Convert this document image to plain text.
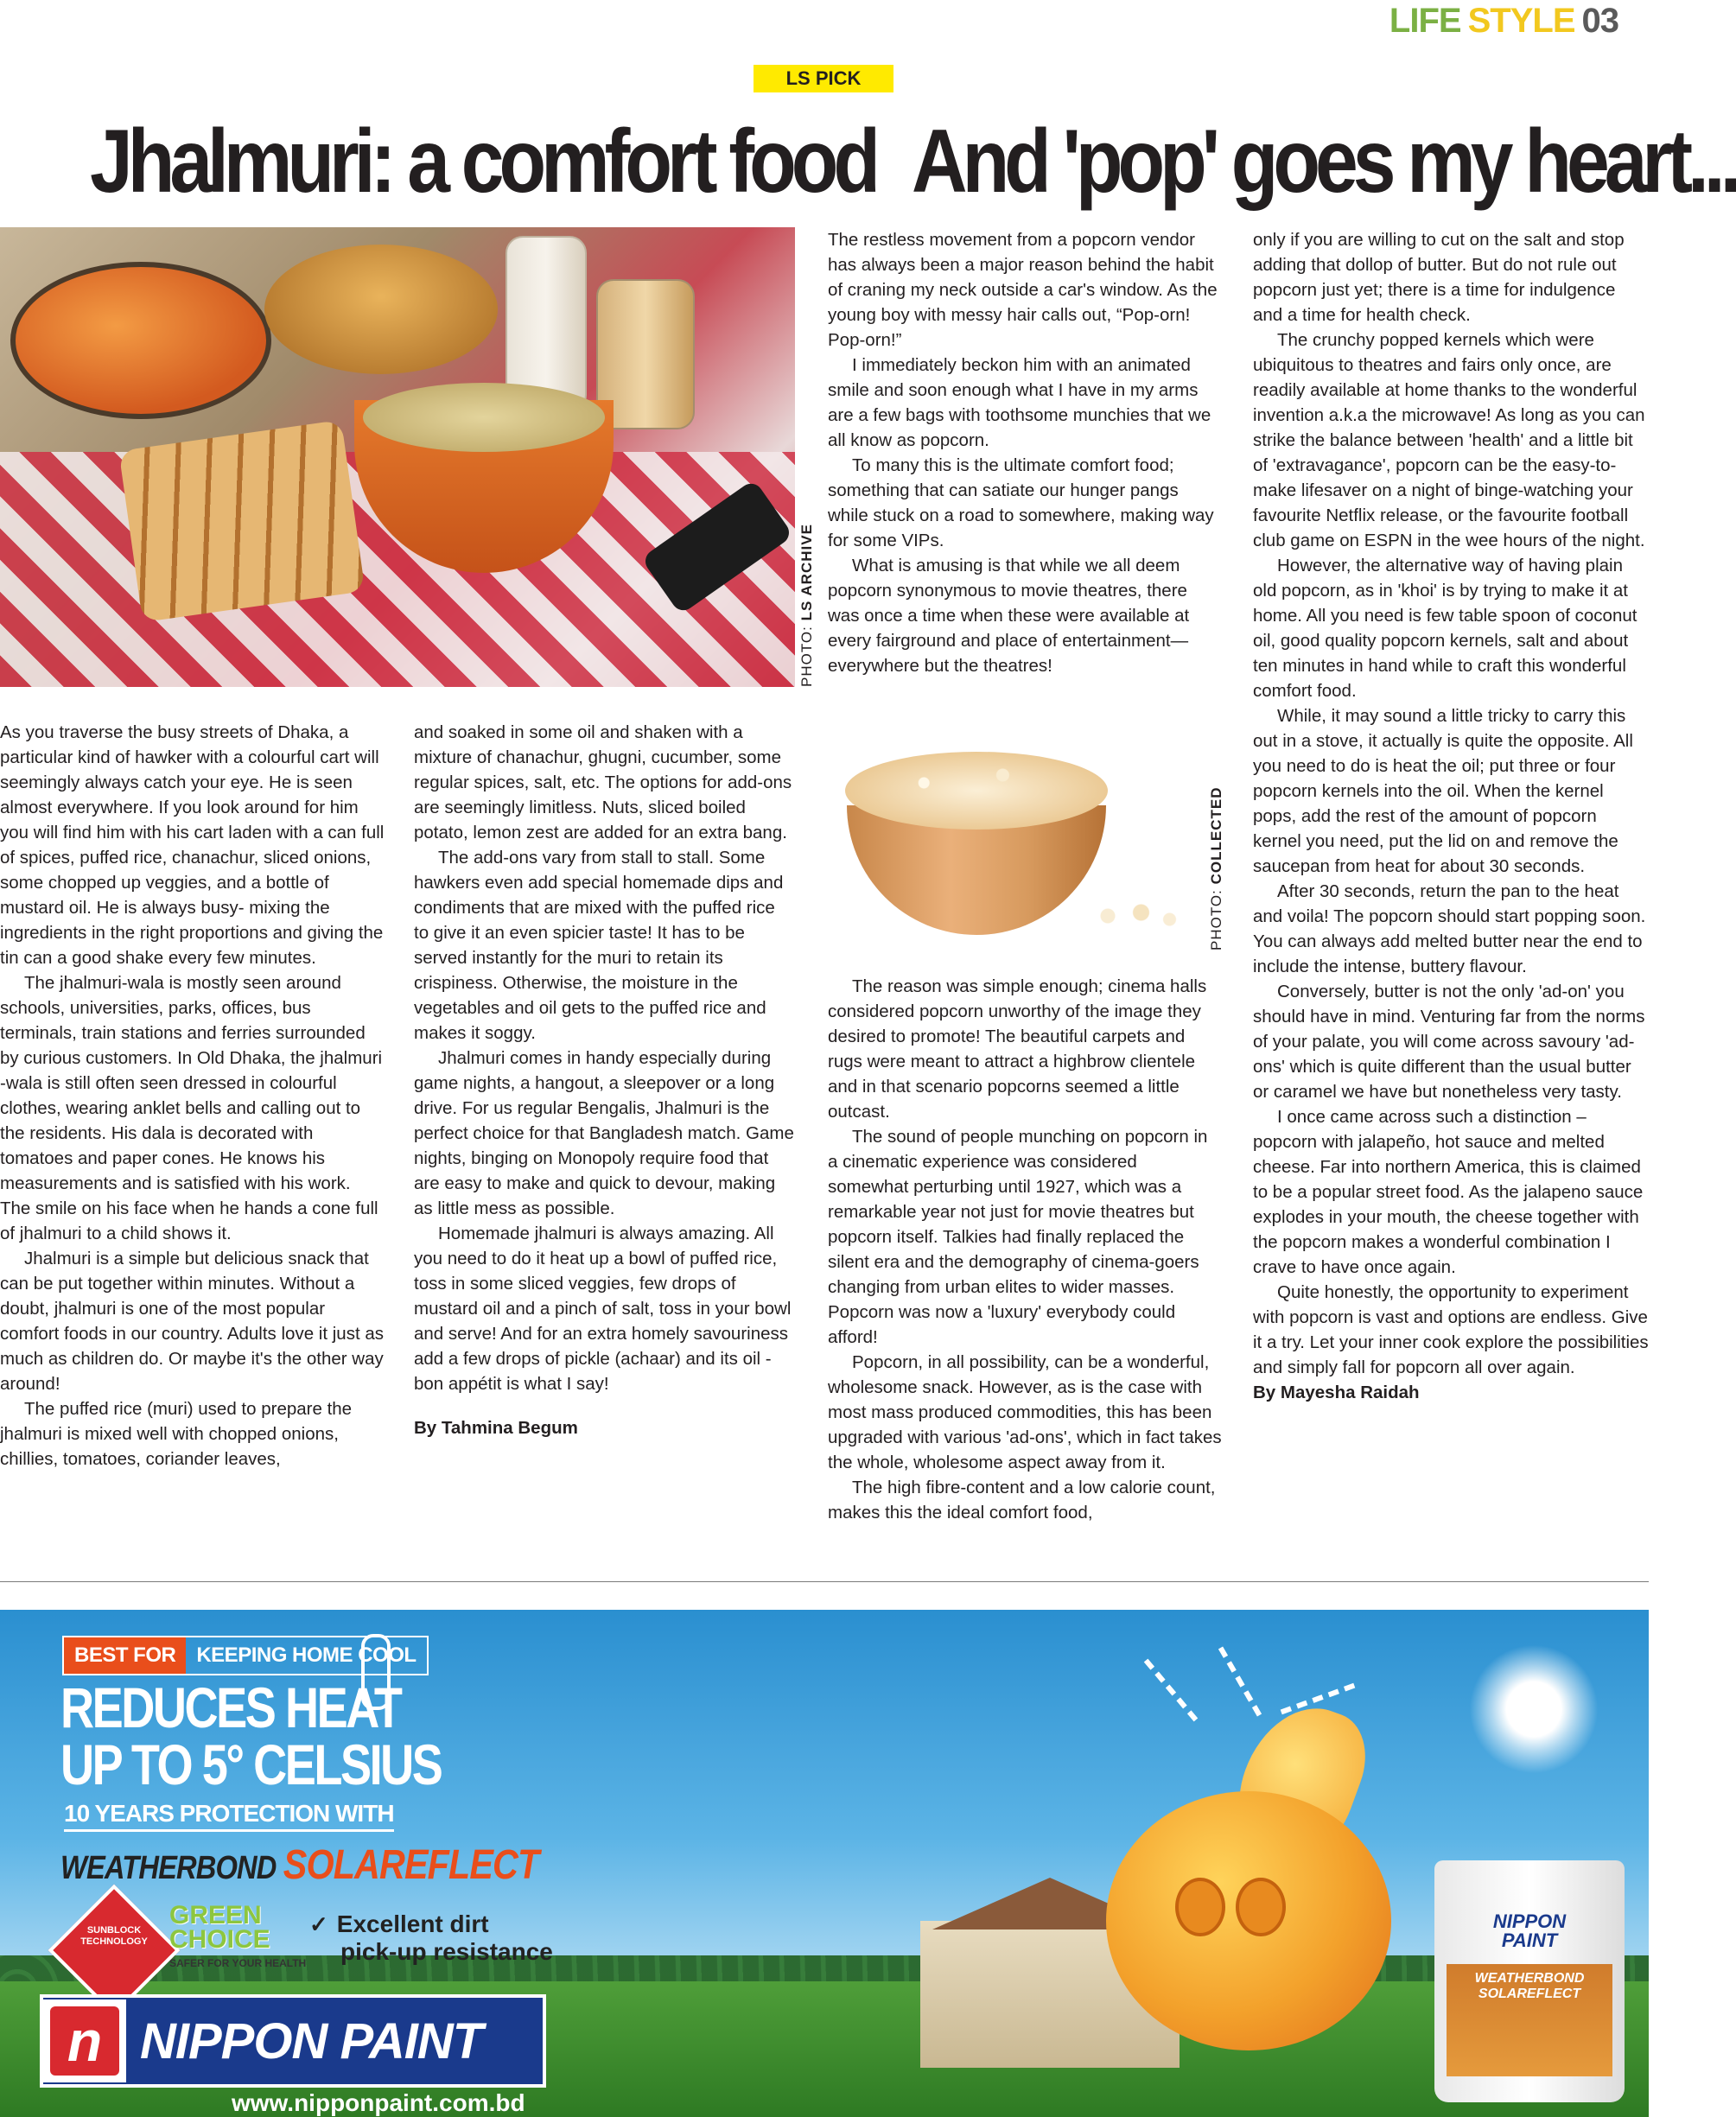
LIFE STYLE 03
LS PICK
Jhalmuri: a comfort food And 'pop' goes my heart...
PHOTO: LS ARCHIVE

As you traverse the busy streets of Dhaka, a particular kind of hawker with a colourful cart will seemingly always catch your eye. He is seen almost everywhere. If you look around for him you will find him with his cart laden with a can full of spices, puffed rice, chanachur, sliced onions, some chopped up veggies, and a bottle of mustard oil. He is always busy- mixing the ingredients in the right proportions and giving the tin can a good shake every few minutes.

The jhalmuri-wala is mostly seen around schools, universities, parks, offices, bus terminals, train stations and ferries surrounded by curious customers. In Old Dhaka, the jhalmuri -wala is still often seen dressed in colourful clothes, wearing anklet bells and calling out to the residents. His dala is decorated with tomatoes and paper cones. He knows his measurements and is satisfied with his work. The smile on his face when he hands a cone full of jhalmuri to a child shows it.

Jhalmuri is a simple but delicious snack that can be put together within minutes. Without a doubt, jhalmuri is one of the most popular comfort foods in our country. Adults love it just as much as children do. Or maybe it's the other way around!

The puffed rice (muri) used to prepare the jhalmuri is mixed well with chopped onions, chillies, tomatoes, coriander leaves,

and soaked in some oil and shaken with a mixture of chanachur, ghugni, cucumber, some regular spices, salt, etc. The options for add-ons are seemingly limitless. Nuts, sliced boiled potato, lemon zest are added for an extra bang.

The add-ons vary from stall to stall. Some hawkers even add special homemade dips and condiments that are mixed with the puffed rice to give it an even spicier taste! It has to be served instantly for the muri to retain its crispiness. Otherwise, the moisture in the vegetables and oil gets to the puffed rice and makes it soggy.

Jhalmuri comes in handy especially during game nights, a hangout, a sleepover or a long drive. For us regular Bengalis, Jhalmuri is the perfect choice for that Bangladesh match. Game nights, binging on Monopoly require food that are easy to make and quick to devour, making as little mess as possible.

Homemade jhalmuri is always amazing. All you need to do it heat up a bowl of puffed rice, toss in some sliced veggies, few drops of mustard oil and a pinch of salt, toss in your bowl and serve! And for an extra homely savouriness add a few drops of pickle (achaar) and its oil - bon appétit is what I say!

By Tahmina Begum

The restless movement from a popcorn vendor has always been a major reason behind the habit of craning my neck outside a car's window. As the young boy with messy hair calls out, “Pop-orn! Pop-orn!”

I immediately beckon him with an animated smile and soon enough what I have in my arms are a few bags with toothsome munchies that we all know as popcorn.

To many this is the ultimate comfort food; something that can satiate our hunger pangs while stuck on a road to somewhere, making way for some VIPs.

What is amusing is that while we all deem popcorn synonymous to movie theatres, there was once a time when these were available at every fairground and place of entertainment—everywhere but the theatres!

PHOTO: COLLECTED

The reason was simple enough; cinema halls considered popcorn unworthy of the image they desired to promote! The beautiful carpets and rugs were meant to attract a highbrow clientele and in that scenario popcorns seemed a little outcast.

The sound of people munching on popcorn in a cinematic experience was considered somewhat perturbing until 1927, which was a remarkable year not just for movie theatres but popcorn itself. Talkies had finally replaced the silent era and the demography of cinema-goers changing from urban elites to wider masses. Popcorn was now a 'luxury' everybody could afford!

Popcorn, in all possibility, can be a wonderful, wholesome snack. However, as is the case with most mass produced commodities, this has been upgraded with various 'ad-ons', which in fact takes the whole, wholesome aspect away from it.

The high fibre-content and a low calorie count, makes this the ideal comfort food,

only if you are willing to cut on the salt and stop adding that dollop of butter. But do not rule out popcorn just yet; there is a time for indulgence and a time for health check.

The crunchy popped kernels which were ubiquitous to theatres and fairs only once, are readily available at home thanks to the wonderful invention a.k.a the microwave! As long as you can strike the balance between 'health' and a little bit of 'extravagance', popcorn can be the easy-to-make lifesaver on a night of binge-watching your favourite Netflix release, or the favourite football club game on ESPN in the wee hours of the night.

However, the alternative way of having plain old popcorn, as in 'khoi' is by trying to make it at home. All you need is few table spoon of coconut oil, good quality popcorn kernels, salt and about ten minutes in hand while to craft this wonderful comfort food.

While, it may sound a little tricky to carry this out in a stove, it actually is quite the opposite. All you need to do is heat the oil; put three or four popcorn kernels into the oil. When the kernel pops, add the rest of the amount of popcorn kernel you need, put the lid on and remove the saucepan from heat for about 30 seconds.

After 30 seconds, return the pan to the heat and voila! The popcorn should start popping soon. You can always add melted butter near the end to include the intense, buttery flavour.

Conversely, butter is not the only 'ad-on' you should have in mind. Venturing far from the norms of your palate, you will come across savoury 'ad-ons' which is quite different than the usual butter or caramel we have but nonetheless very tasty.

I once came across such a distinction – popcorn with jalapeño, hot sauce and melted cheese. Far into northern America, this is claimed to be a popular street food. As the jalapeno sauce explodes in your mouth, the cheese together with the popcorn makes a wonderful combination I crave to have once again.

Quite honestly, the opportunity to experiment with popcorn is vast and options are endless. Give it a try. Let your inner cook explore the possibilities and simply fall for popcorn all over again.

By Mayesha Raidah

NIPPON
PAINT
WEATHERBOND SOLAREFLECT
BEST FOR	KEEPING HOME COOL
REDUCES HEAT
UP TO 5° CELSIUS
10 YEARS PROTECTION WITH
WEATHERBOND SOLAREFLECT
SUNBLOCK TECHNOLOGY
GREEN
CHOICE
SAFER FOR YOUR HEALTH
✓ Excellent dirt
pick-up resistance
n NIPPON PAINT
www.nipponpaint.com.bd
